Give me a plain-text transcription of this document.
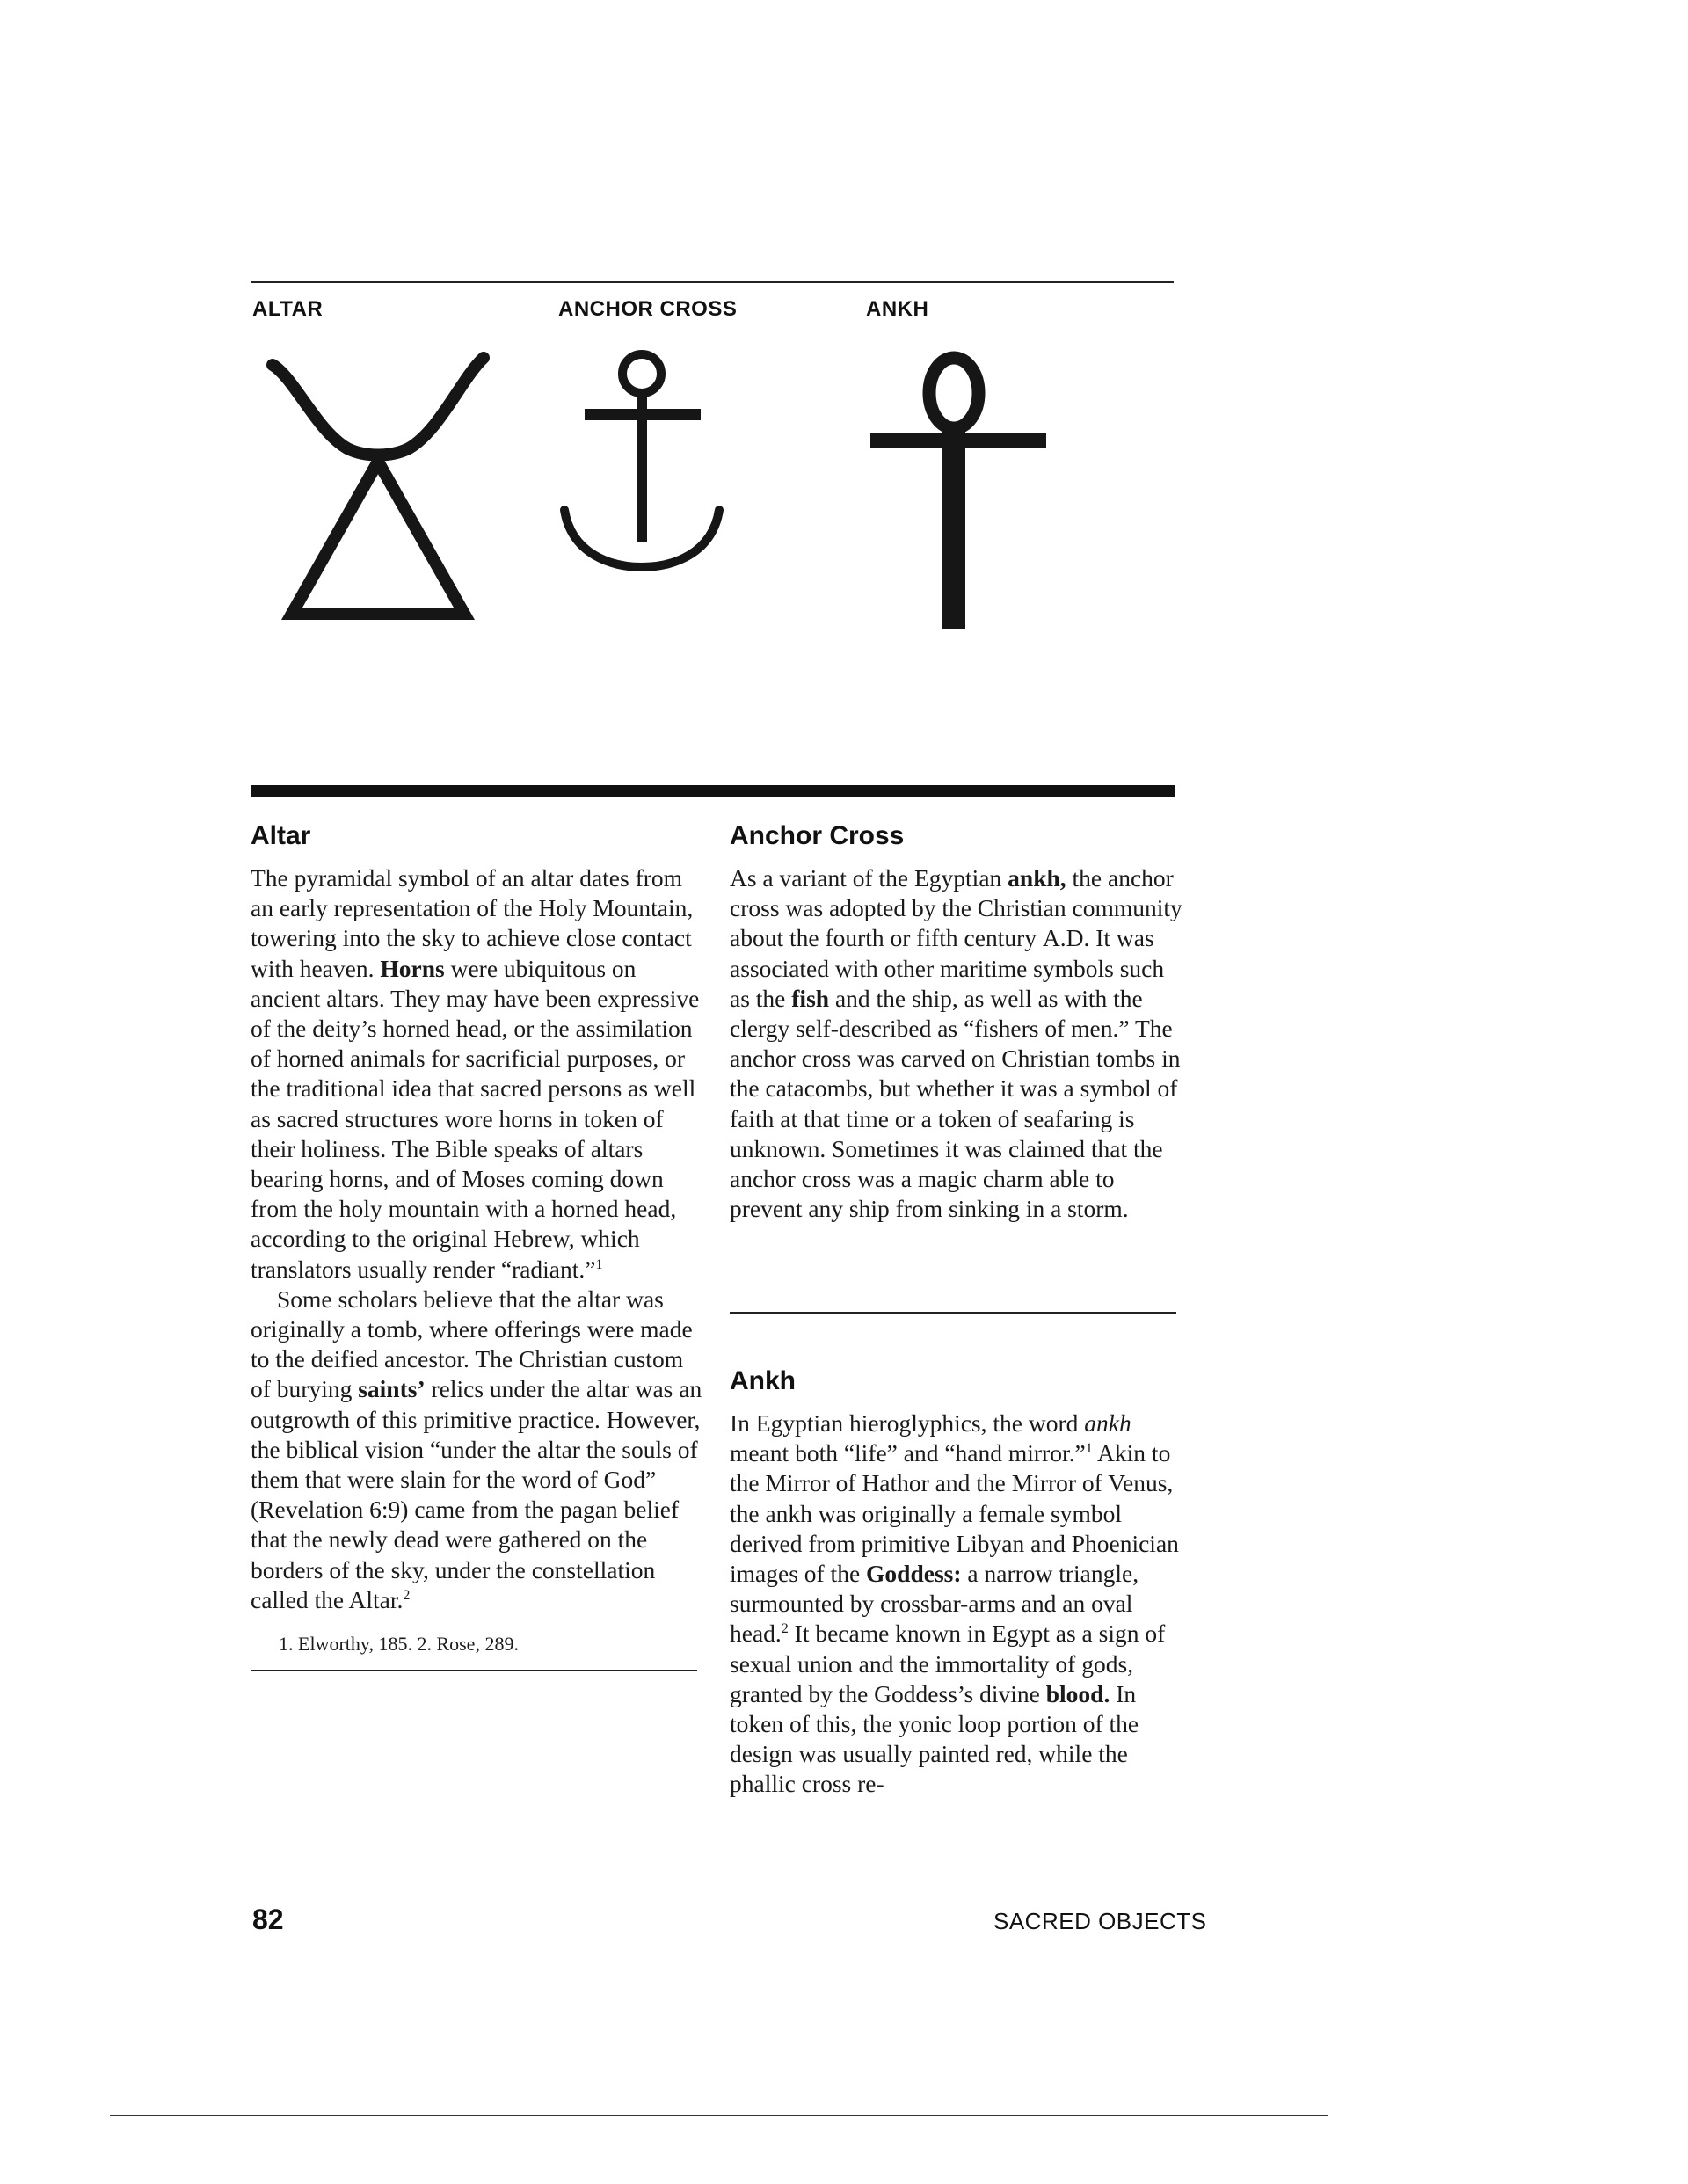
ALTAR	ANCHOR CROSS	ANKH
Altar

The pyramidal symbol of an altar dates from an early representation of the Holy Mountain, towering into the sky to achieve close contact with heaven. Horns were ubiquitous on ancient altars. They may have been expressive of the deity’s horned head, or the assimilation of horned animals for sacrificial purposes, or the traditional idea that sacred persons as well as sacred structures wore horns in token of their holiness. The Bible speaks of altars bearing horns, and of Moses coming down from the holy mountain with a horned head, according to the original Hebrew, which translators usually render “radiant.”$^1$

Some scholars believe that the altar was originally a tomb, where offerings were made to the deified ancestor. The Christian custom of burying saints’ relics under the altar was an outgrowth of this primitive practice. However, the biblical vision “under the altar the souls of them that were slain for the word of God” (Revelation 6:9) came from the pagan belief that the newly dead were gathered on the borders of the sky, under the constellation called the Altar.$^2$

1. Elworthy, 185. 2. Rose, 289.
Anchor Cross

As a variant of the Egyptian ankh, the anchor cross was adopted by the Christian community about the fourth or fifth century A.D. It was associated with other maritime symbols such as the fish and the ship, as well as with the clergy self-described as “fishers of men.” The anchor cross was carved on Christian tombs in the catacombs, but whether it was a symbol of faith at that time or a token of seafaring is unknown. Sometimes it was claimed that the anchor cross was a magic charm able to prevent any ship from sinking in a storm.

Ankh

In Egyptian hieroglyphics, the word ankh meant both “life” and “hand mirror.”$^1$ Akin to the Mirror of Hathor and the Mirror of Venus, the ankh was originally a female symbol derived from primitive Libyan and Phoenician images of the Goddess: a narrow triangle, surmounted by crossbar-arms and an oval head.$^2$ It became known in Egypt as a sign of sexual union and the immortality of gods, granted by the Goddess’s divine blood. In token of this, the yonic loop portion of the design was usually painted red, while the phallic cross re-

82	SACRED OBJECTS
